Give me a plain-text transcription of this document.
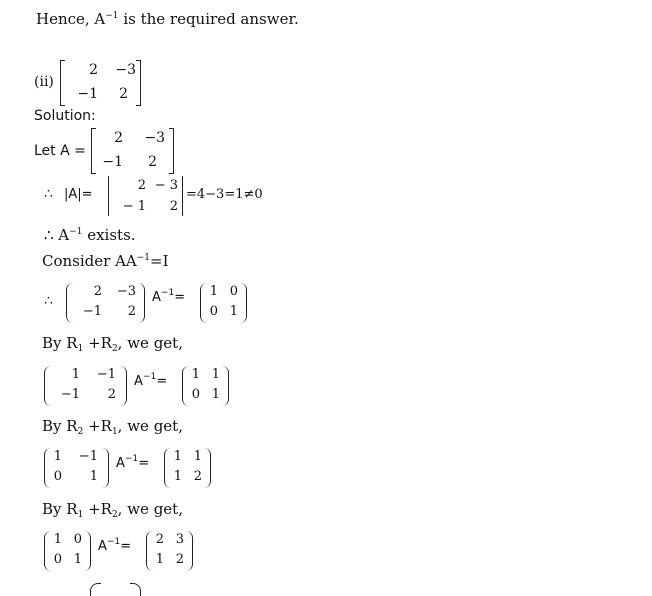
Hence, $A^{-1}$ is the required answer.
(ii)
2	−3
−1	2
Solution:
Let A =
2	−3
−1	2
∴ |A|=
2 − 3
− 1	2
=4−3=1≠0
∴ $A^{-1}$ exists.
Consider $AA^{-1}=I$
∴
2	−3
−1	2
$A^{-1}= 1$ 0
0 1
By $R_1 +R_2$, we get,
1	−1
−1	2
$A^{-1}= 1$ 1
0 1
By $R_2 +R_1$, we get,
1	−1
0	1
$A^{-1}= 1$ 1
1 2
By $R_1 +R_2$, we get,
1 0
0 1
$A^{-1}= 2$ 3
1 2
